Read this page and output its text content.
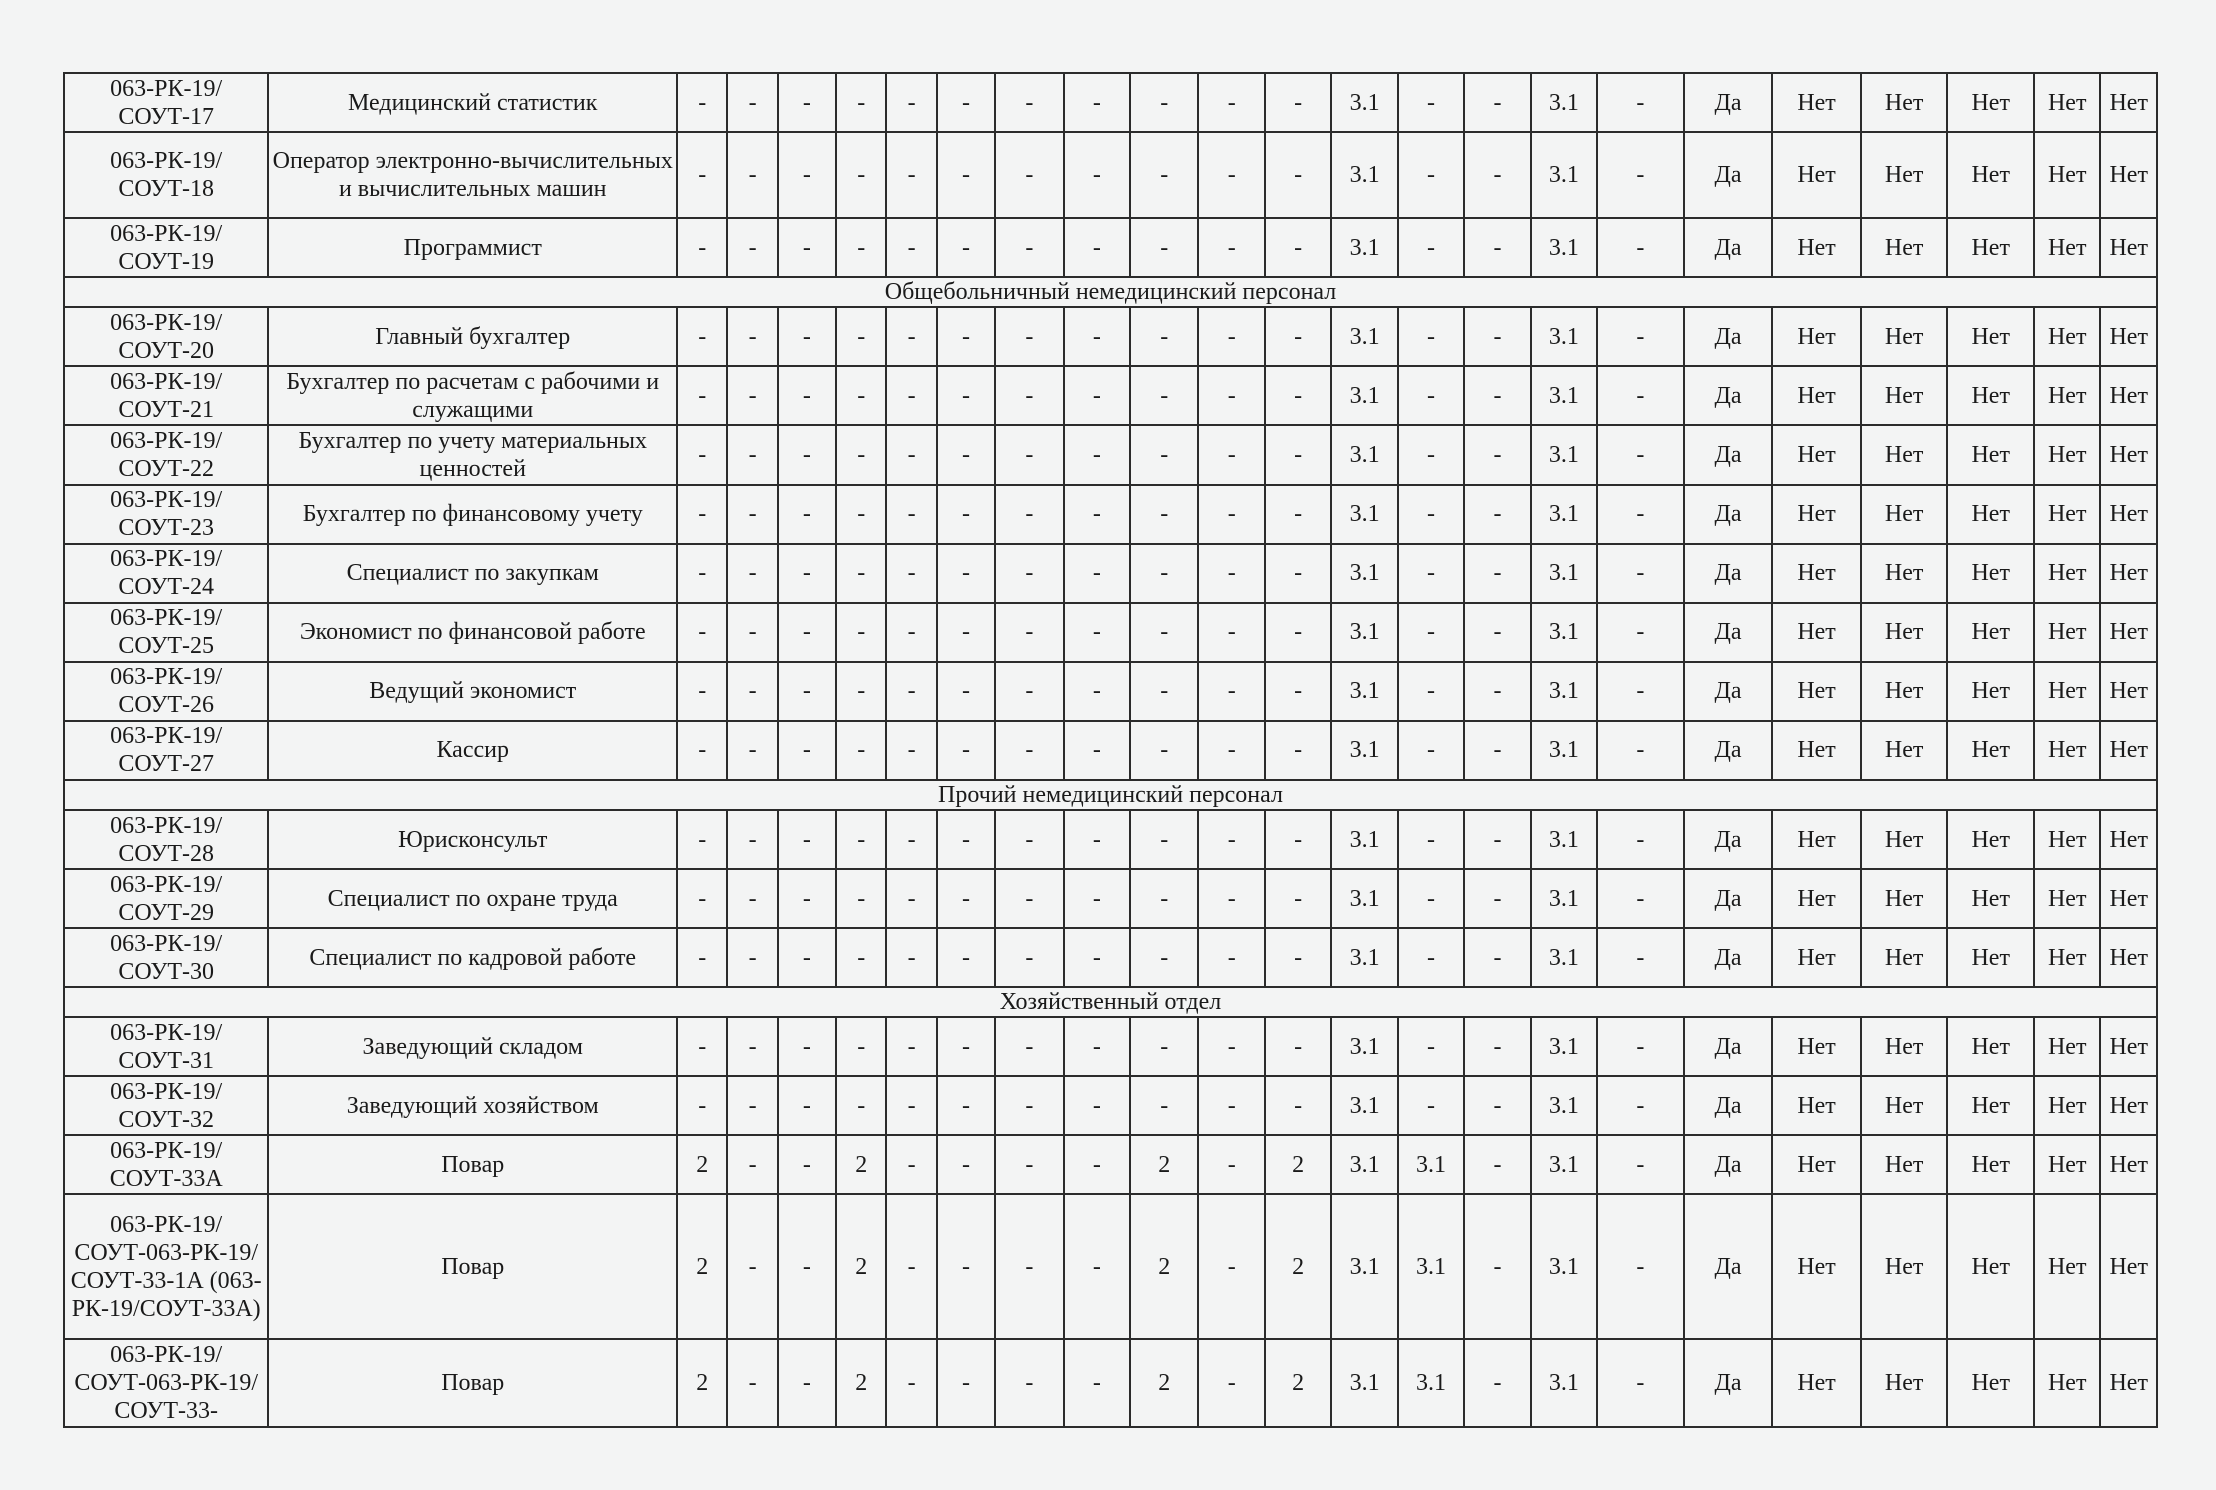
063-РК-19/СОУТ-17	Медицинский статистик	-	-	-	-	-	-	-	-	-	-	-	3.1	-	-	3.1	-	Да	Нет	Нет	Нет	Нет	Нет
063-РК-19/СОУТ-18	Оператор электронно-вычислительных и вычислительных машин	-	-	-	-	-	-	-	-	-	-	-	3.1	-	-	3.1	-	Да	Нет	Нет	Нет	Нет	Нет
063-РК-19/СОУТ-19	Программист	-	-	-	-	-	-	-	-	-	-	-	3.1	-	-	3.1	-	Да	Нет	Нет	Нет	Нет	Нет
Общебольничный немедицинский персонал																							
063-РК-19/СОУТ-20	Главный бухгалтер	-	-	-	-	-	-	-	-	-	-	-	3.1	-	-	3.1	-	Да	Нет	Нет	Нет	Нет	Нет
063-РК-19/СОУТ-21	Бухгалтер по расчетам с рабочими и служащими	-	-	-	-	-	-	-	-	-	-	-	3.1	-	-	3.1	-	Да	Нет	Нет	Нет	Нет	Нет
063-РК-19/СОУТ-22	Бухгалтер по учету материальных ценностей	-	-	-	-	-	-	-	-	-	-	-	3.1	-	-	3.1	-	Да	Нет	Нет	Нет	Нет	Нет
063-РК-19/СОУТ-23	Бухгалтер по финансовому учету	-	-	-	-	-	-	-	-	-	-	-	3.1	-	-	3.1	-	Да	Нет	Нет	Нет	Нет	Нет
063-РК-19/СОУТ-24	Специалист по закупкам	-	-	-	-	-	-	-	-	-	-	-	3.1	-	-	3.1	-	Да	Нет	Нет	Нет	Нет	Нет
063-РК-19/СОУТ-25	Экономист по финансовой работе	-	-	-	-	-	-	-	-	-	-	-	3.1	-	-	3.1	-	Да	Нет	Нет	Нет	Нет	Нет
063-РК-19/СОУТ-26	Ведущий экономист	-	-	-	-	-	-	-	-	-	-	-	3.1	-	-	3.1	-	Да	Нет	Нет	Нет	Нет	Нет
063-РК-19/СОУТ-27	Кассир	-	-	-	-	-	-	-	-	-	-	-	3.1	-	-	3.1	-	Да	Нет	Нет	Нет	Нет	Нет
Прочий немедицинский персонал																							
063-РК-19/СОУТ-28	Юрисконсульт	-	-	-	-	-	-	-	-	-	-	-	3.1	-	-	3.1	-	Да	Нет	Нет	Нет	Нет	Нет
063-РК-19/СОУТ-29	Специалист по охране труда	-	-	-	-	-	-	-	-	-	-	-	3.1	-	-	3.1	-	Да	Нет	Нет	Нет	Нет	Нет
063-РК-19/СОУТ-30	Специалист по кадровой работе	-	-	-	-	-	-	-	-	-	-	-	3.1	-	-	3.1	-	Да	Нет	Нет	Нет	Нет	Нет
Хозяйственный отдел																							
063-РК-19/СОУТ-31	Заведующий складом	-	-	-	-	-	-	-	-	-	-	-	3.1	-	-	3.1	-	Да	Нет	Нет	Нет	Нет	Нет
063-РК-19/СОУТ-32	Заведующий хозяйством	-	-	-	-	-	-	-	-	-	-	-	3.1	-	-	3.1	-	Да	Нет	Нет	Нет	Нет	Нет
063-РК-19/СОУТ-33А	Повар	2	-	-	2	-	-	-	-	2	-	2	3.1	3.1	-	3.1	-	Да	Нет	Нет	Нет	Нет	Нет
063-РК-19/СОУТ-063-РК-19/СОУТ-33-1А (063-РК-19/СОУТ-33А)	Повар	2	-	-	2	-	-	-	-	2	-	2	3.1	3.1	-	3.1	-	Да	Нет	Нет	Нет	Нет	Нет
063-РК-19/СОУТ-063-РК-19/СОУТ-33-	Повар	2	-	-	2	-	-	-	-	2	-	2	3.1	3.1	-	3.1	-	Да	Нет	Нет	Нет	Нет	Нет
